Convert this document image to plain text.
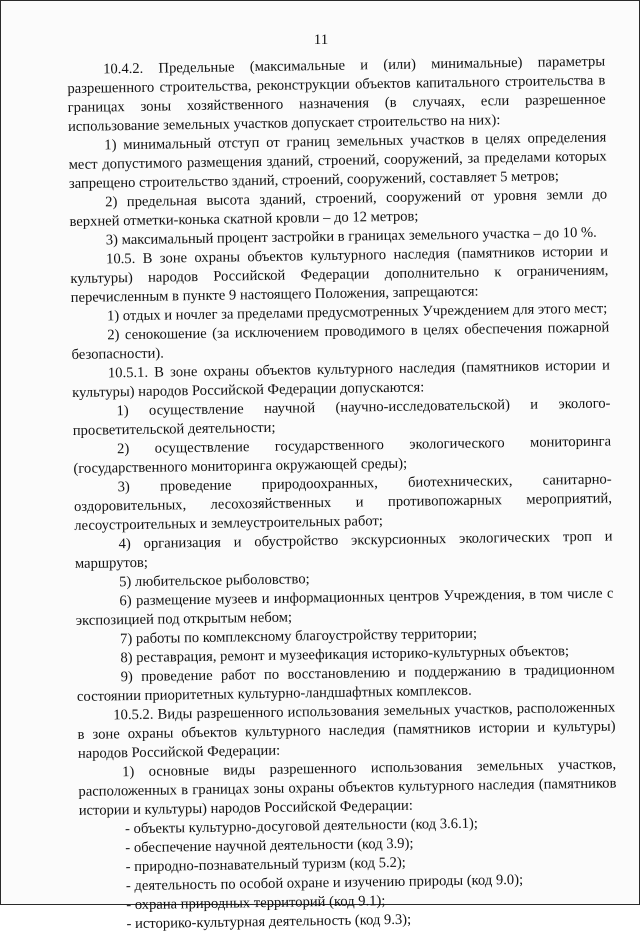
11

10.4.2. Предельные (максимальные и (или) минимальные) параметры разрешенного строительства, реконструкции объектов капитального строительства в границах зоны хозяйственного назначения (в случаях, если разрешенное использование земельных участков допускает строительство на них):

1) минимальный отступ от границ земельных участков в целях определения мест допустимого размещения зданий, строений, сооружений, за пределами которых запрещено строительство зданий, строений, сооружений, составляет 5 метров;

2) предельная высота зданий, строений, сооружений от уровня земли до верхней отметки-конька скатной кровли – до 12 метров;

3) максимальный процент застройки в границах земельного участка – до 10 %.

10.5. В зоне охраны объектов культурного наследия (памятников истории и культуры) народов Российской Федерации дополнительно к ограничениям, перечисленным в пункте 9 настоящего Положения, запрещаются:

1) отдых и ночлег за пределами предусмотренных Учреждением для этого мест;

2) сенокошение (за исключением проводимого в целях обеспечения пожарной безопасности).

10.5.1. В зоне охраны объектов культурного наследия (памятников истории и культуры) народов Российской Федерации допускаются:

1) осуществление научной (научно-исследовательской) и эколого-просветительской деятельности;

2) осуществление государственного экологического мониторинга (государственного мониторинга окружающей среды);

3) проведение природоохранных, биотехнических, санитарно-оздоровительных, лесохозяйственных и противопожарных мероприятий, лесоустроительных и землеустроительных работ;

4) организация и обустройство экскурсионных экологических троп и маршрутов;

5) любительское рыболовство;

6) размещение музеев и информационных центров Учреждения, в том числе с экспозицией под открытым небом;

7) работы по комплексному благоустройству территории;

8) реставрация, ремонт и музеефикация историко-культурных объектов;

9) проведение работ по восстановлению и поддержанию в традиционном состоянии приоритетных культурно-ландшафтных комплексов.

10.5.2. Виды разрешенного использования земельных участков, расположенных в зоне охраны объектов культурного наследия (памятников истории и культуры) народов Российской Федерации:

1) основные виды разрешенного использования земельных участков, расположенных в границах зоны охраны объектов культурного наследия (памятников истории и культуры) народов Российской Федерации:

- объекты культурно-досуговой деятельности (код 3.6.1);

- обеспечение научной деятельности (код 3.9);

- природно-познавательный туризм (код 5.2);

- деятельность по особой охране и изучению природы (код 9.0);

- охрана природных территорий (код 9.1);

- историко-культурная деятельность (код 9.3);
